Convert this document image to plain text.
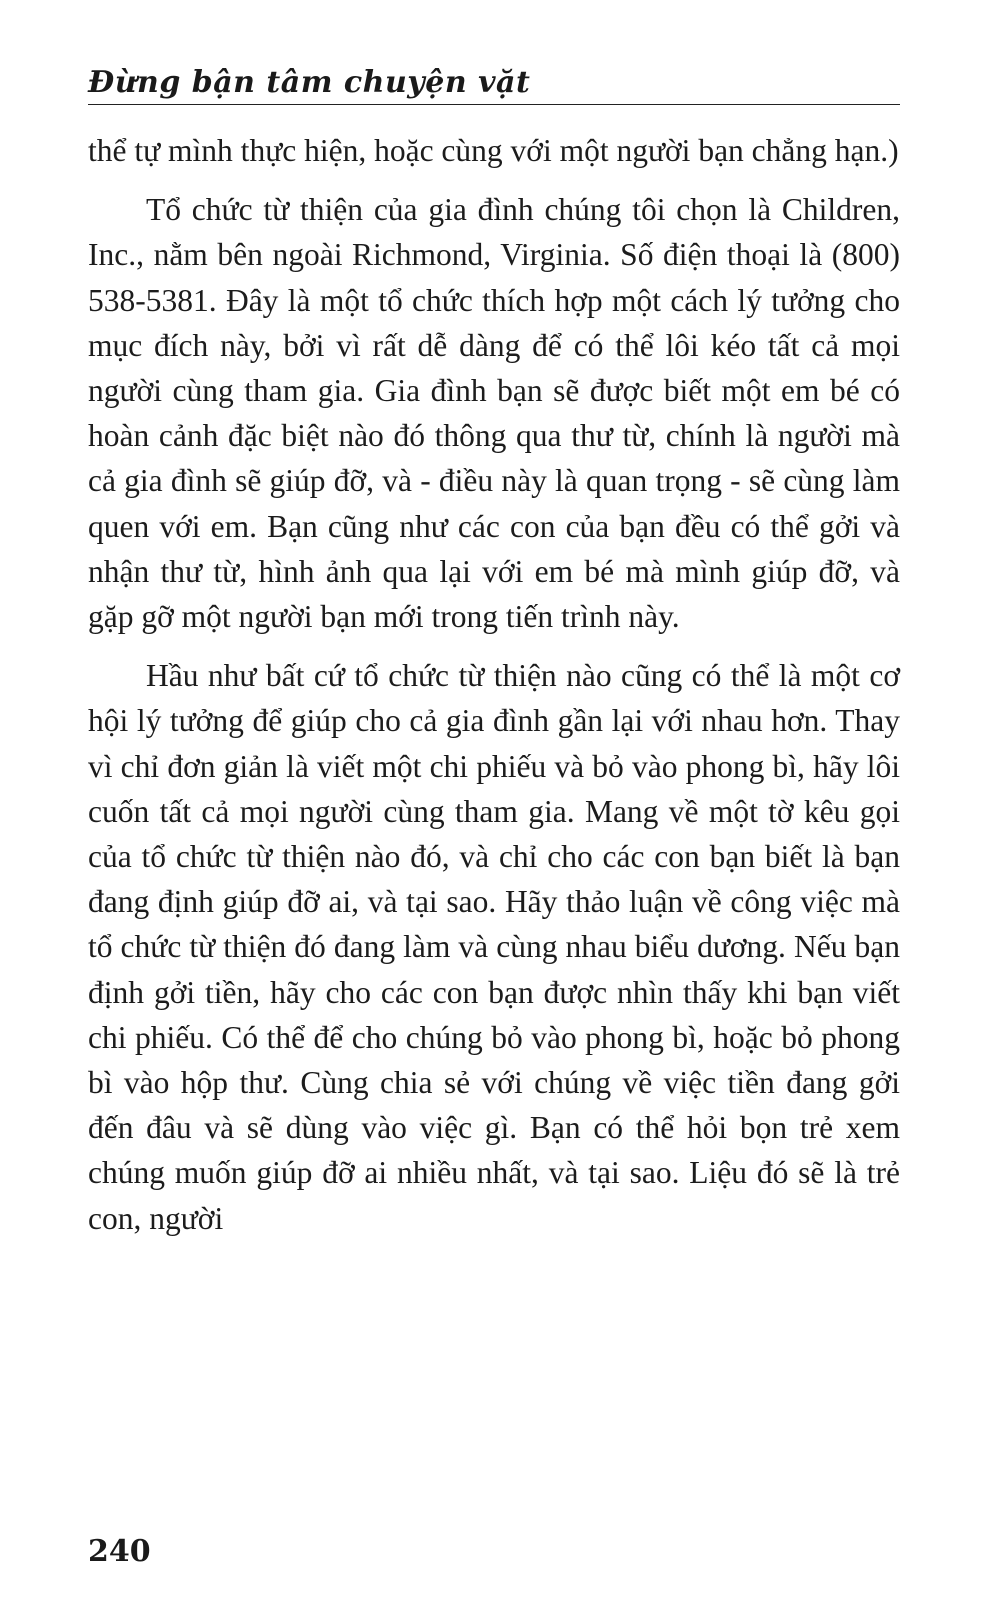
Đừng bận tâm chuyện vặt

thể tự mình thực hiện, hoặc cùng với một người bạn chẳng hạn.)

Tổ chức từ thiện của gia đình chúng tôi chọn là Children, Inc., nằm bên ngoài Richmond, Virginia. Số điện thoại là (800) 538-5381. Đây là một tổ chức thích hợp một cách lý tưởng cho mục đích này, bởi vì rất dễ dàng để có thể lôi kéo tất cả mọi người cùng tham gia. Gia đình bạn sẽ được biết một em bé có hoàn cảnh đặc biệt nào đó thông qua thư từ, chính là người mà cả gia đình sẽ giúp đỡ, và - điều này là quan trọng - sẽ cùng làm quen với em. Bạn cũng như các con của bạn đều có thể gởi và nhận thư từ, hình ảnh qua lại với em bé mà mình giúp đỡ, và gặp gỡ một người bạn mới trong tiến trình này.

Hầu như bất cứ tổ chức từ thiện nào cũng có thể là một cơ hội lý tưởng để giúp cho cả gia đình gần lại với nhau hơn. Thay vì chỉ đơn giản là viết một chi phiếu và bỏ vào phong bì, hãy lôi cuốn tất cả mọi người cùng tham gia. Mang về một tờ kêu gọi của tổ chức từ thiện nào đó, và chỉ cho các con bạn biết là bạn đang định giúp đỡ ai, và tại sao. Hãy thảo luận về công việc mà tổ chức từ thiện đó đang làm và cùng nhau biểu dương. Nếu bạn định gởi tiền, hãy cho các con bạn được nhìn thấy khi bạn viết chi phiếu. Có thể để cho chúng bỏ vào phong bì, hoặc bỏ phong bì vào hộp thư. Cùng chia sẻ với chúng về việc tiền đang gởi đến đâu và sẽ dùng vào việc gì. Bạn có thể hỏi bọn trẻ xem chúng muốn giúp đỡ ai nhiều nhất, và tại sao. Liệu đó sẽ là trẻ con, người

240
